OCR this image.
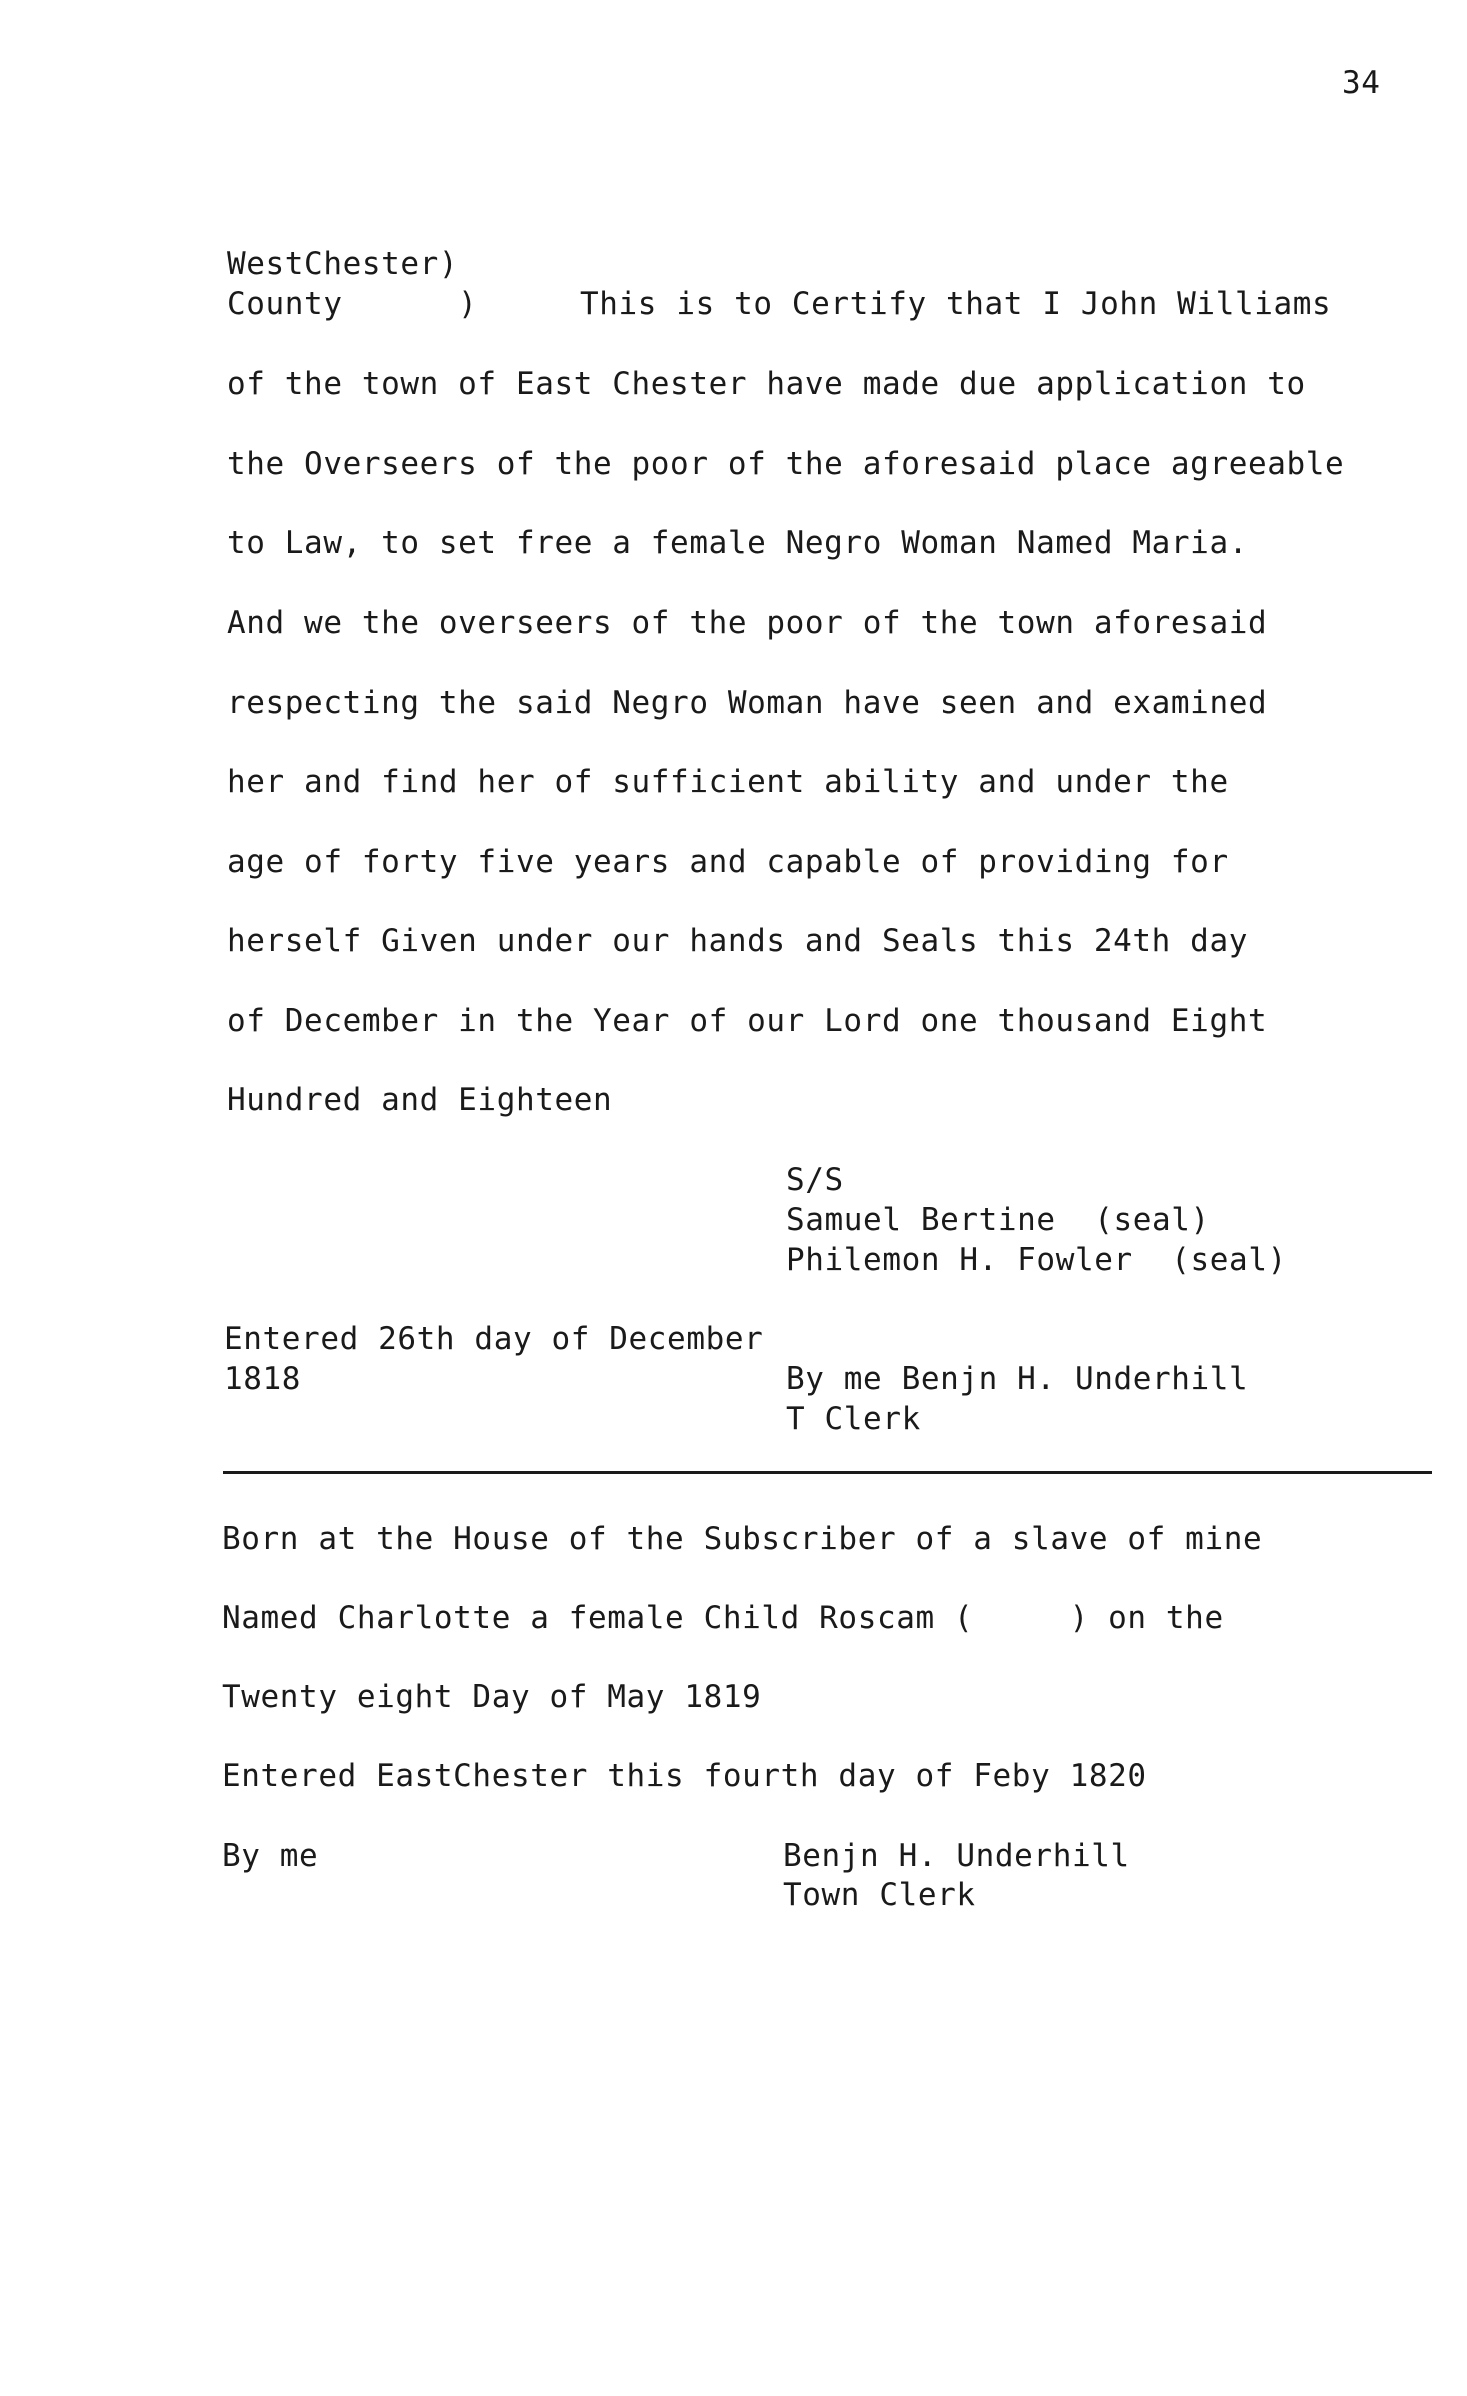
34
WestChester)
County      )	This is to Certify that I John Williams
of the town of East Chester have made due application to
the Overseers of the poor of the aforesaid place agreeable
to Law, to set free a female Negro Woman Named Maria.
And we the overseers of the poor of the town aforesaid
respecting the said Negro Woman have seen and examined
her and find her of sufficient ability and under the
age of forty five years and capable of providing for
herself Given under our hands and Seals this 24th day
of December in the Year of our Lord one thousand Eight
Hundred and Eighteen
S/S
Samuel Bertine  (seal)
Philemon H. Fowler  (seal)
Entered 26th day of December
1818	By me Benjn H. Underhill
T Clerk
Born at the House of the Subscriber of a slave of mine
Named Charlotte a female Child Roscam (     ) on the
Twenty eight Day of May 1819
Entered EastChester this fourth day of Feby 1820
By me	Benjn H. Underhill
Town Clerk
